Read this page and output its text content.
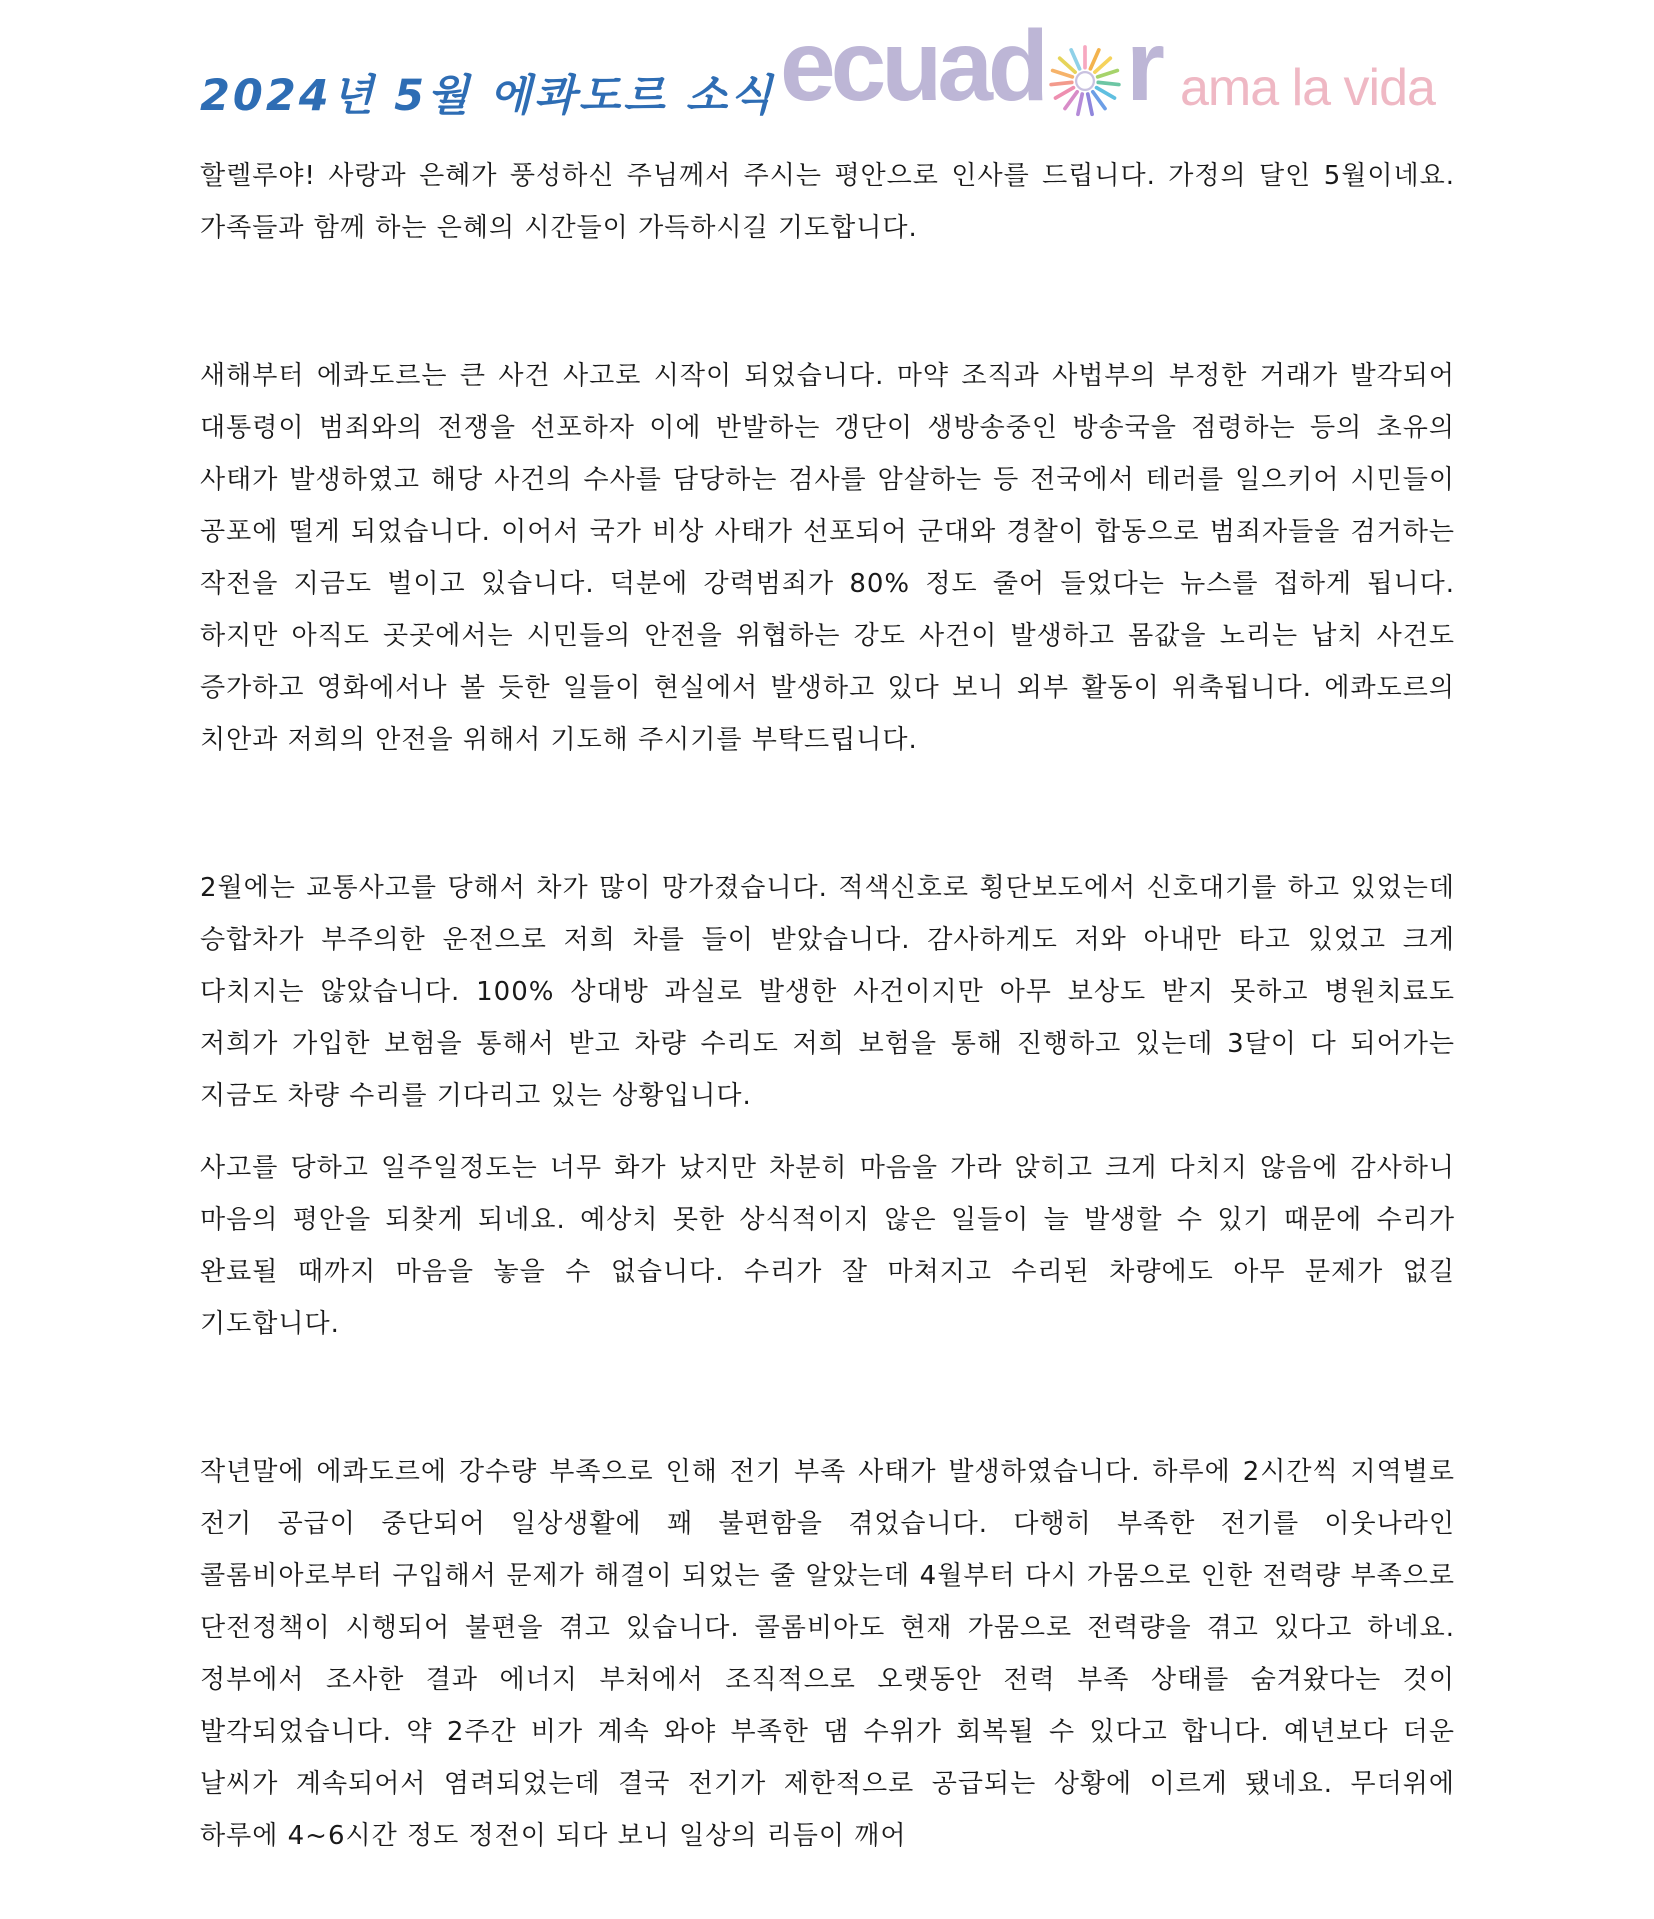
2024년 5월 에콰도르 소식 ecuad r ama la vida

할렐루야! 사랑과 은혜가 풍성하신 주님께서 주시는 평안으로 인사를 드립니다. 가정의 달인 5월이네요. 가족들과 함께 하는 은혜의 시간들이 가득하시길 기도합니다.

새해부터 에콰도르는 큰 사건 사고로 시작이 되었습니다. 마약 조직과 사법부의 부정한 거래가 발각되어 대통령이 범죄와의 전쟁을 선포하자 이에 반발하는 갱단이 생방송중인 방송국을 점령하는 등의 초유의 사태가 발생하였고 해당 사건의 수사를 담당하는 검사를 암살하는 등 전국에서 테러를 일으키어 시민들이 공포에 떨게 되었습니다. 이어서 국가 비상 사태가 선포되어 군대와 경찰이 합동으로 범죄자들을 검거하는 작전을 지금도 벌이고 있습니다. 덕분에 강력범죄가 80% 정도 줄어 들었다는 뉴스를 접하게 됩니다. 하지만 아직도 곳곳에서는 시민들의 안전을 위협하는 강도 사건이 발생하고 몸값을 노리는 납치 사건도 증가하고 영화에서나 볼 듯한 일들이 현실에서 발생하고 있다 보니 외부 활동이 위축됩니다. 에콰도르의 치안과 저희의 안전을 위해서 기도해 주시기를 부탁드립니다.

2월에는 교통사고를 당해서 차가 많이 망가졌습니다. 적색신호로 횡단보도에서 신호대기를 하고 있었는데 승합차가 부주의한 운전으로 저희 차를 들이 받았습니다. 감사하게도 저와 아내만 타고 있었고 크게 다치지는 않았습니다. 100% 상대방 과실로 발생한 사건이지만 아무 보상도 받지 못하고 병원치료도 저희가 가입한 보험을 통해서 받고 차량 수리도 저희 보험을 통해 진행하고 있는데 3달이 다 되어가는 지금도 차량 수리를 기다리고 있는 상황입니다.

사고를 당하고 일주일정도는 너무 화가 났지만 차분히 마음을 가라 앉히고 크게 다치지 않음에 감사하니 마음의 평안을 되찾게 되네요. 예상치 못한 상식적이지 않은 일들이 늘 발생할 수 있기 때문에 수리가 완료될 때까지 마음을 놓을 수 없습니다. 수리가 잘 마쳐지고 수리된 차량에도 아무 문제가 없길 기도합니다.

작년말에 에콰도르에 강수량 부족으로 인해 전기 부족 사태가 발생하였습니다. 하루에 2시간씩 지역별로 전기 공급이 중단되어 일상생활에 꽤 불편함을 겪었습니다. 다행히 부족한 전기를 이웃나라인 콜롬비아로부터 구입해서 문제가 해결이 되었는 줄 알았는데 4월부터 다시 가뭄으로 인한 전력량 부족으로 단전정책이 시행되어 불편을 겪고 있습니다. 콜롬비아도 현재 가뭄으로 전력량을 겪고 있다고 하네요. 정부에서 조사한 결과 에너지 부처에서 조직적으로 오랫동안 전력 부족 상태를 숨겨왔다는 것이 발각되었습니다. 약 2주간 비가 계속 와야 부족한 댐 수위가 회복될 수 있다고 합니다. 예년보다 더운 날씨가 계속되어서 염려되었는데 결국 전기가 제한적으로 공급되는 상황에 이르게 됐네요. 무더위에 하루에 4~6시간 정도 정전이 되다 보니 일상의 리듬이 깨어
